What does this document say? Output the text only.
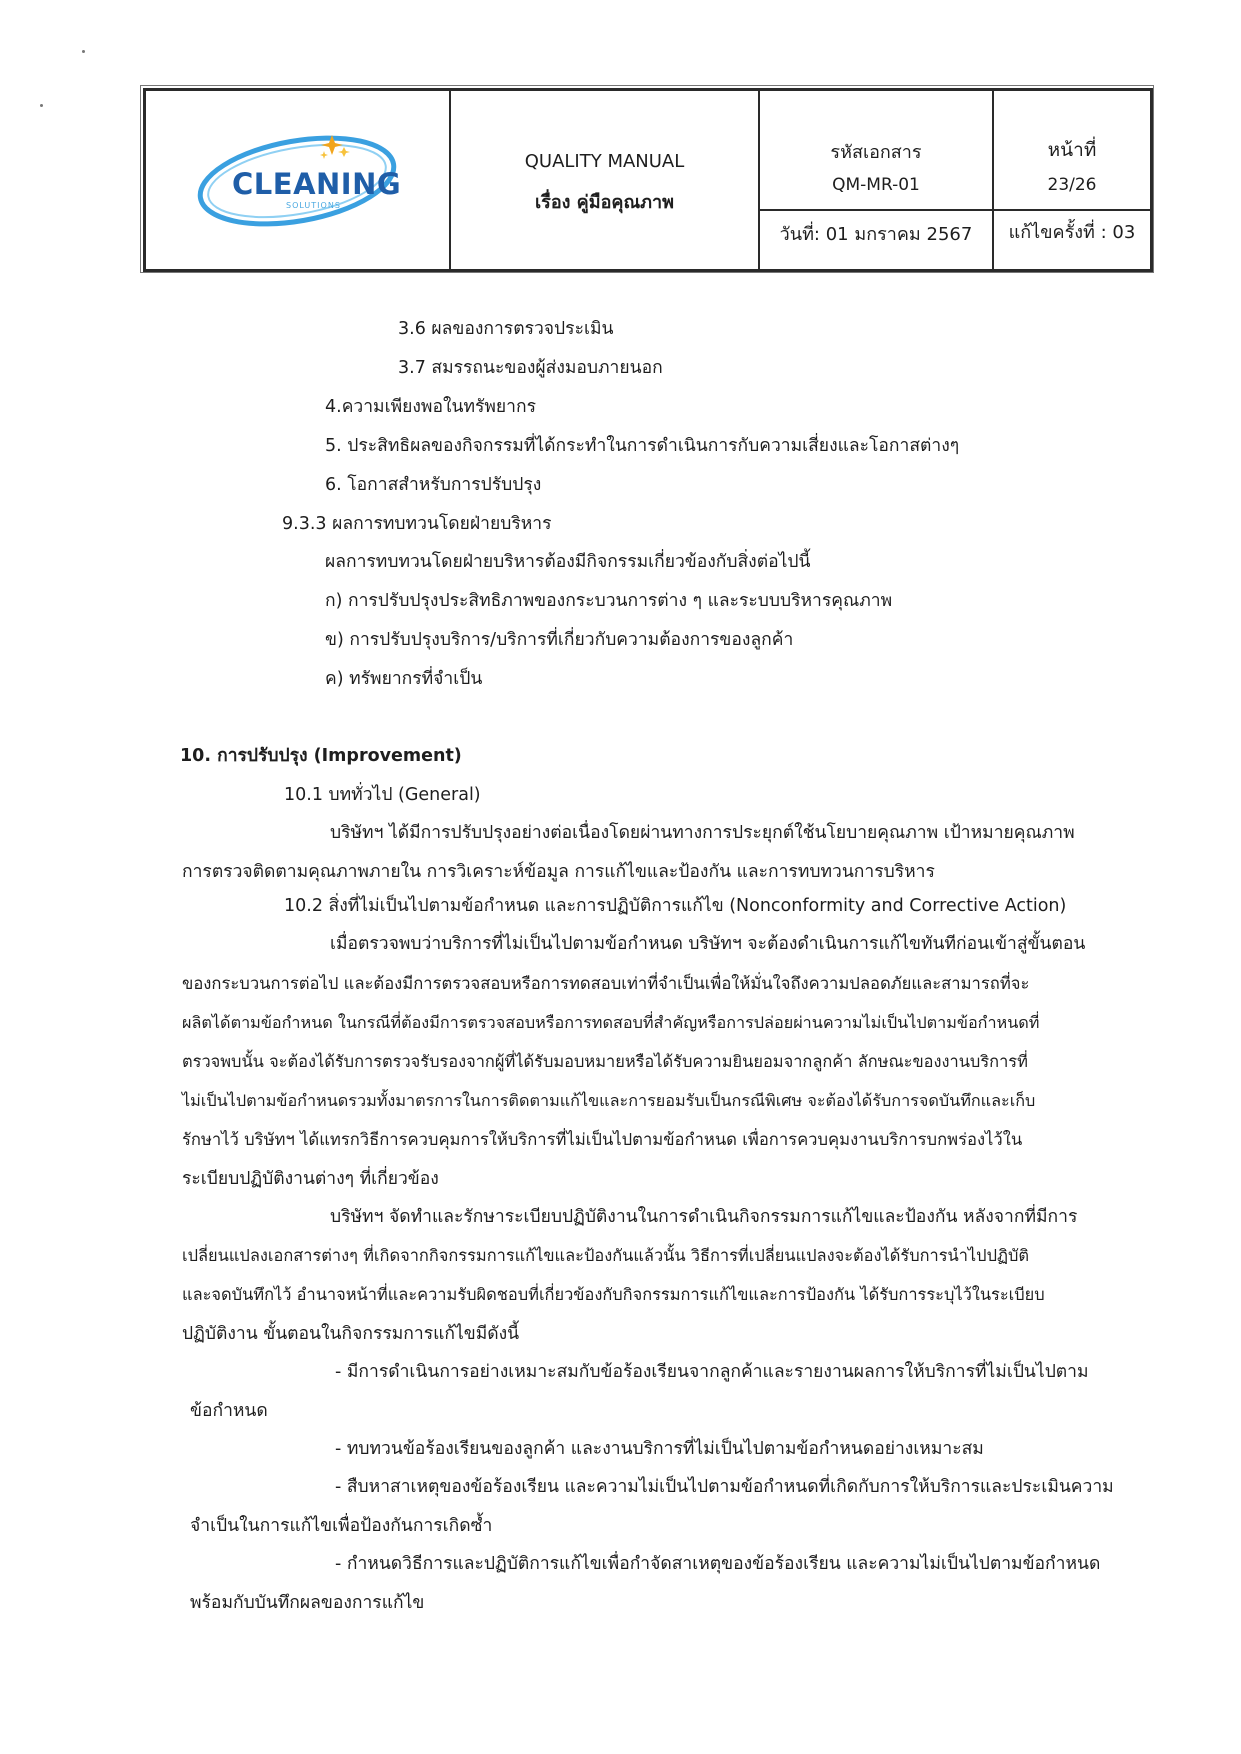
CLEANING
SOLUTIONS
QUALITY MANUAL
เรื่อง คู่มือคุณภาพ
รหัสเอกสาร
QM-MR-01
วันที่: 01 มกราคม 2567
หน้าที่
23/26
แก้ไขครั้งที่ : 03
3.6 ผลของการตรวจประเมิน
3.7 สมรรถนะของผู้ส่งมอบภายนอก
4.ความเพียงพอในทรัพยากร
5. ประสิทธิผลของกิจกรรมที่ได้กระทำในการดำเนินการกับความเสี่ยงและโอกาสต่างๆ
6. โอกาสสำหรับการปรับปรุง
9.3.3 ผลการทบทวนโดยฝ่ายบริหาร
ผลการทบทวนโดยฝ่ายบริหารต้องมีกิจกรรมเกี่ยวข้องกับสิ่งต่อไปนี้
ก) การปรับปรุงประสิทธิภาพของกระบวนการต่าง ๆ และระบบบริหารคุณภาพ
ข) การปรับปรุงบริการ/บริการที่เกี่ยวกับความต้องการของลูกค้า
ค) ทรัพยากรที่จำเป็น
10. การปรับปรุง (Improvement)
10.1 บททั่วไป (General)
บริษัทฯ ได้มีการปรับปรุงอย่างต่อเนื่องโดยผ่านทางการประยุกต์ใช้นโยบายคุณภาพ เป้าหมายคุณภาพ
การตรวจติดตามคุณภาพภายใน การวิเคราะห์ข้อมูล การแก้ไขและป้องกัน และการทบทวนการบริหาร
10.2 สิ่งที่ไม่เป็นไปตามข้อกำหนด และการปฏิบัติการแก้ไข (Nonconformity and Corrective Action)
เมื่อตรวจพบว่าบริการที่ไม่เป็นไปตามข้อกำหนด บริษัทฯ จะต้องดำเนินการแก้ไขทันทีก่อนเข้าสู่ขั้นตอน
ของกระบวนการต่อไป และต้องมีการตรวจสอบหรือการทดสอบเท่าที่จำเป็นเพื่อให้มั่นใจถึงความปลอดภัยและสามารถที่จะ
ผลิตได้ตามข้อกำหนด ในกรณีที่ต้องมีการตรวจสอบหรือการทดสอบที่สำคัญหรือการปล่อยผ่านความไม่เป็นไปตามข้อกำหนดที่
ตรวจพบนั้น จะต้องได้รับการตรวจรับรองจากผู้ที่ได้รับมอบหมายหรือได้รับความยินยอมจากลูกค้า ลักษณะของงานบริการที่
ไม่เป็นไปตามข้อกำหนดรวมทั้งมาตรการในการติดตามแก้ไขและการยอมรับเป็นกรณีพิเศษ จะต้องได้รับการจดบันทึกและเก็บ
รักษาไว้ บริษัทฯ ได้แทรกวิธีการควบคุมการให้บริการที่ไม่เป็นไปตามข้อกำหนด เพื่อการควบคุมงานบริการบกพร่องไว้ใน
ระเบียบปฏิบัติงานต่างๆ ที่เกี่ยวข้อง
บริษัทฯ จัดทำและรักษาระเบียบปฏิบัติงานในการดำเนินกิจกรรมการแก้ไขและป้องกัน หลังจากที่มีการ
เปลี่ยนแปลงเอกสารต่างๆ ที่เกิดจากกิจกรรมการแก้ไขและป้องกันแล้วนั้น วิธีการที่เปลี่ยนแปลงจะต้องได้รับการนำไปปฏิบัติ
และจดบันทึกไว้ อำนาจหน้าที่และความรับผิดชอบที่เกี่ยวข้องกับกิจกรรมการแก้ไขและการป้องกัน ได้รับการระบุไว้ในระเบียบ
ปฏิบัติงาน ขั้นตอนในกิจกรรมการแก้ไขมีดังนี้
- มีการดำเนินการอย่างเหมาะสมกับข้อร้องเรียนจากลูกค้าและรายงานผลการให้บริการที่ไม่เป็นไปตาม
ข้อกำหนด
- ทบทวนข้อร้องเรียนของลูกค้า และงานบริการที่ไม่เป็นไปตามข้อกำหนดอย่างเหมาะสม
- สืบหาสาเหตุของข้อร้องเรียน และความไม่เป็นไปตามข้อกำหนดที่เกิดกับการให้บริการและประเมินความ
จำเป็นในการแก้ไขเพื่อป้องกันการเกิดซ้ำ
- กำหนดวิธีการและปฏิบัติการแก้ไขเพื่อกำจัดสาเหตุของข้อร้องเรียน และความไม่เป็นไปตามข้อกำหนด
พร้อมกับบันทึกผลของการแก้ไข
